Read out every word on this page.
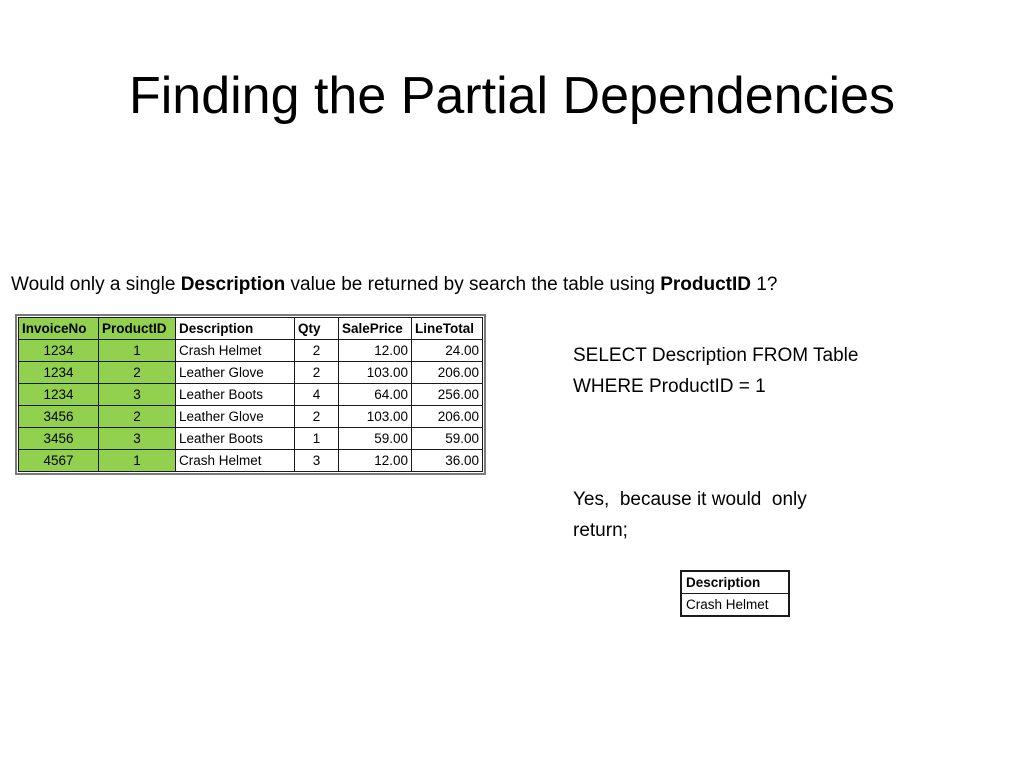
Finding the Partial Dependencies
Would only a single Description value be returned by search the table using ProductID 1?
InvoiceNo	ProductID	Description	Qty	SalePrice	LineTotal
1234	1	Crash Helmet	2	12.00	24.00
1234	2	Leather Glove	2	103.00	206.00
1234	3	Leather Boots	4	64.00	256.00
3456	2	Leather Glove	2	103.00	206.00
3456	3	Leather Boots	1	59.00	59.00
4567	1	Crash Helmet	3	12.00	36.00
SELECT Description FROM Table
WHERE ProductID = 1
Yes,  because it would  only
return;
Description
Crash Helmet
